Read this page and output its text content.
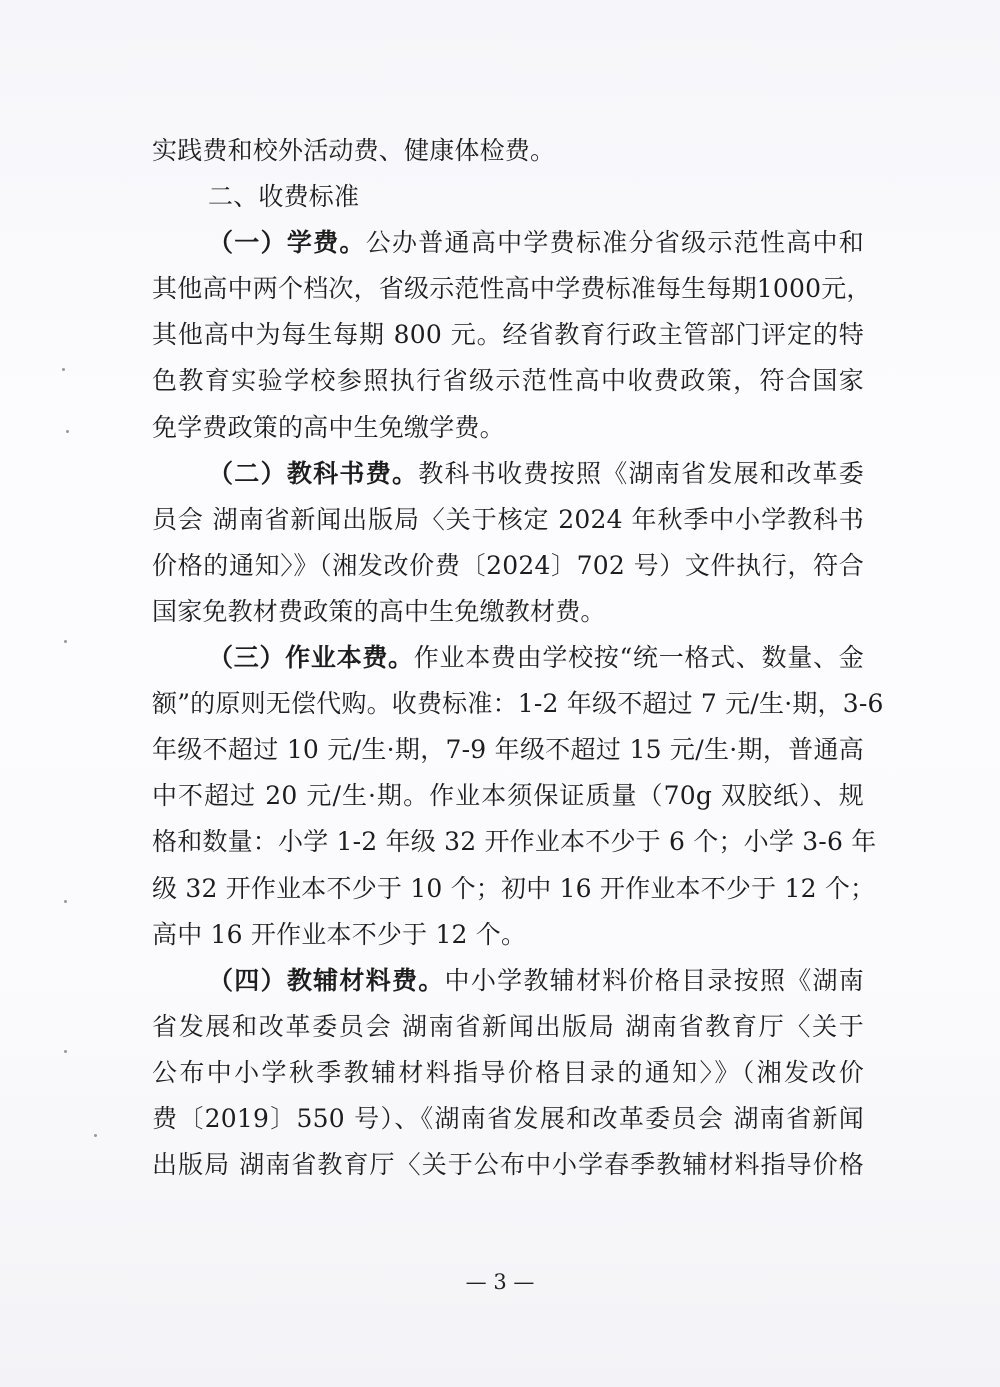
实践费和校外活动费、健康体检费。
二、收费标准
（一）学费。公办普通高中学费标准分省级示范性高中和
其他高中两个档次，省级示范性高中学费标准每生每期1000元，
其他高中为每生每期 800 元。经省教育行政主管部门评定的特
色教育实验学校参照执行省级示范性高中收费政策，符合国家
免学费政策的高中生免缴学费。
（二）教科书费。教科书收费按照《湖南省发展和改革委
员会 湖南省新闻出版局〈关于核定 2024 年秋季中小学教科书
价格的通知〉》（湘发改价费〔2024〕702 号）文件执行，符合
国家免教材费政策的高中生免缴教材费。
（三）作业本费。作业本费由学校按“统一格式、数量、金
额”的原则无偿代购。收费标准：1-2 年级不超过 7 元/生·期，3-6
年级不超过 10 元/生·期，7-9 年级不超过 15 元/生·期，普通高
中不超过 20 元/生·期。作业本须保证质量（70g 双胶纸）、规
格和数量：小学 1-2 年级 32 开作业本不少于 6 个；小学 3-6 年
级 32 开作业本不少于 10 个；初中 16 开作业本不少于 12 个；
高中 16 开作业本不少于 12 个。
（四）教辅材料费。中小学教辅材料价格目录按照《湖南
省发展和改革委员会 湖南省新闻出版局 湖南省教育厅〈关于
公布中小学秋季教辅材料指导价格目录的通知〉》（湘发改价
费〔2019〕550 号）、《湖南省发展和改革委员会 湖南省新闻
出版局 湖南省教育厅〈关于公布中小学春季教辅材料指导价格
— 3 —
